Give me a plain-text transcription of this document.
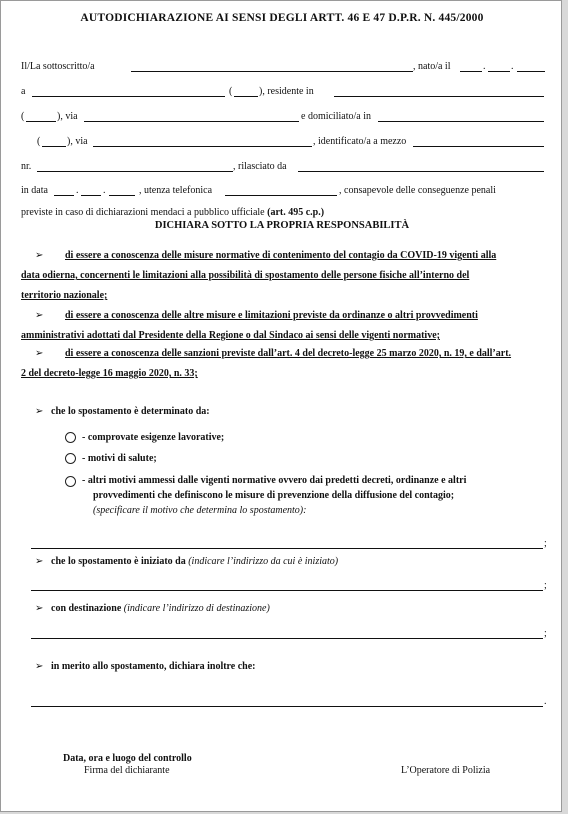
AUTODICHIARAZIONE AI SENSI DEGLI ARTT. 46 E 47 D.P.R. N. 445/2000
Il/La sottoscritto/a	, nato/a il	.	.
a	(	), residente in
(	), via	e domiciliato/a in
(	), via	, identificato/a a mezzo
nr.	, rilasciato da
in data	. .	, utenza telefonica	, consapevole delle conseguenze penali
previste in caso di dichiarazioni mendaci a pubblico ufficiale (art. 495 c.p.)
DICHIARA SOTTO LA PROPRIA RESPONSABILITÀ
➢ di essere a conoscenza delle misure normative di contenimento del contagio da COVID-19 vigenti alla
data odierna, concernenti le limitazioni alla possibilità di spostamento delle persone fisiche all’interno del
territorio nazionale;
➢ di essere a conoscenza delle altre misure e limitazioni previste da ordinanze o altri provvedimenti
amministrativi adottati dal Presidente della Regione o dal Sindaco ai sensi delle vigenti normative;
➢ di essere a conoscenza delle sanzioni previste dall’art. 4 del decreto-legge 25 marzo 2020, n. 19, e dall’art.
2 del decreto-legge 16 maggio 2020, n. 33;
➢ che lo spostamento è determinato da:
- comprovate esigenze lavorative;
- motivi di salute;
- altri motivi ammessi dalle vigenti normative ovvero dai predetti decreti, ordinanze e altri
provvedimenti che definiscono le misure di prevenzione della diffusione del contagio;
(specificare il motivo che determina lo spostamento):
;
➢ che lo spostamento è iniziato da (indicare l’indirizzo da cui è iniziato)
;
➢ con destinazione (indicare l’indirizzo di destinazione)
;
➢ in merito allo spostamento, dichiara inoltre che:
.
Data, ora e luogo del controllo
Firma del dichiarante	L’Operatore di Polizia
